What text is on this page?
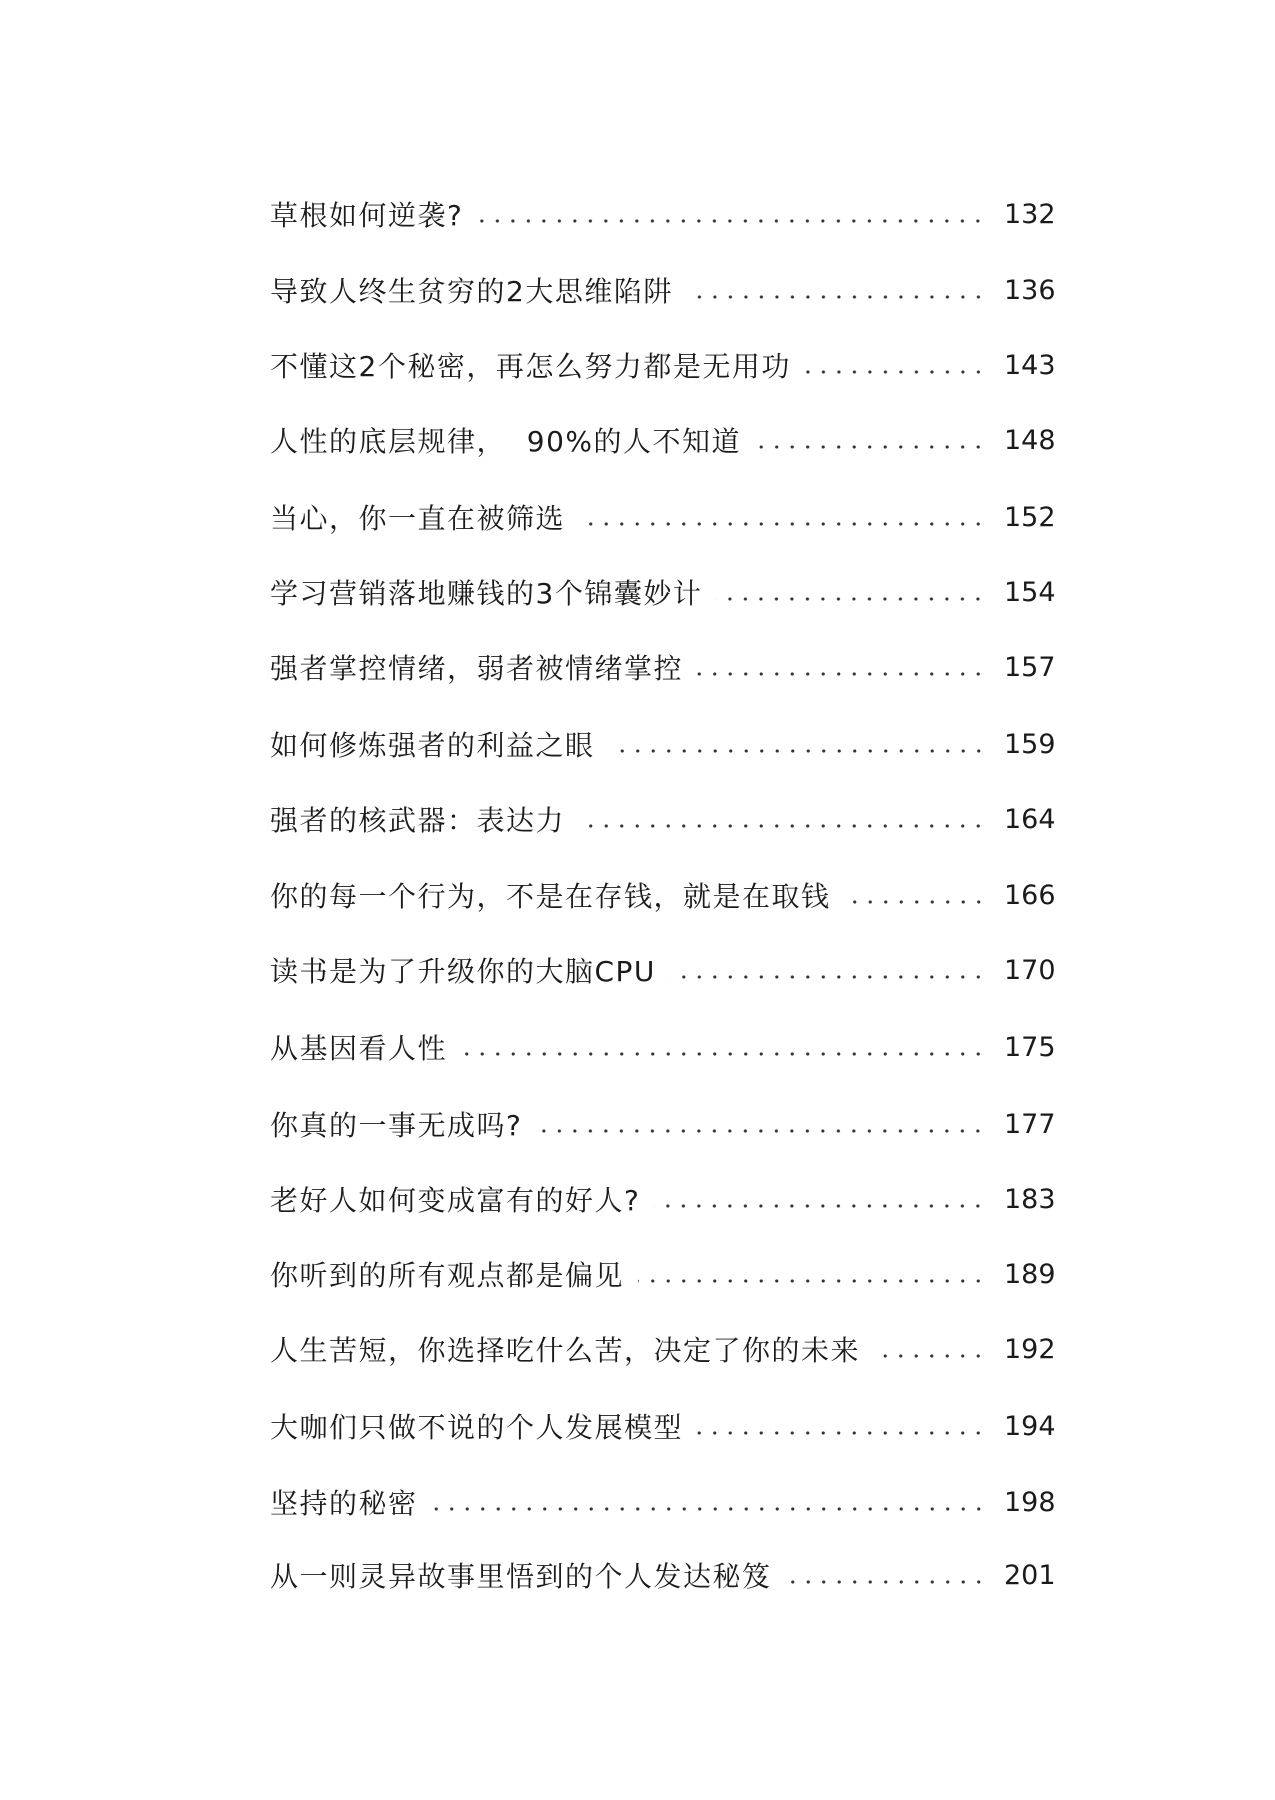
草根如何逆袭?	132
导致人终生贫穷的2大思维陷阱	136
不懂这2个秘密，再怎么努力都是无用功	143
人性的底层规律，  90%的人不知道	148
当心，你一直在被筛选	152
学习营销落地赚钱的3个锦囊妙计	154
强者掌控情绪，弱者被情绪掌控	157
如何修炼强者的利益之眼	159
强者的核武器：表达力	164
你的每一个行为，不是在存钱，就是在取钱	166
读书是为了升级你的大脑CPU	170
从基因看人性	175
你真的一事无成吗?	177
老好人如何变成富有的好人?	183
你听到的所有观点都是偏见	189
人生苦短，你选择吃什么苦，决定了你的未来	192
大咖们只做不说的个人发展模型	194
坚持的秘密	198
从一则灵异故事里悟到的个人发达秘笈	201
